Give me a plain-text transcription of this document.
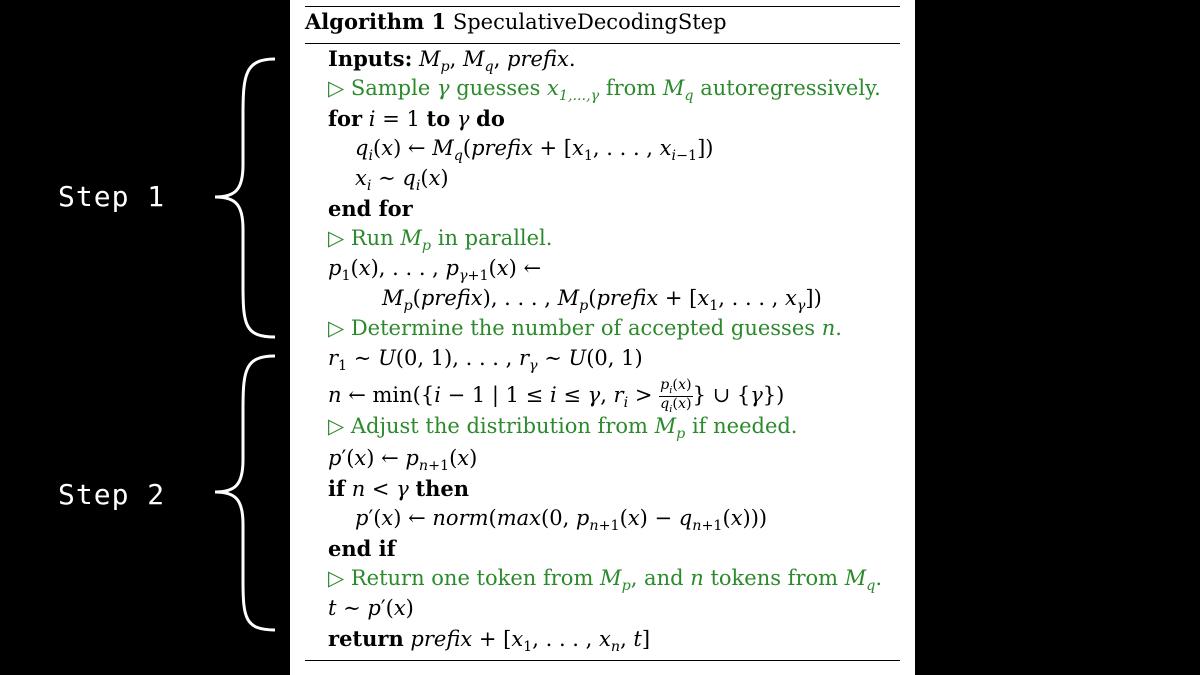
Step 1
Step 2
Algorithm 1 SpeculativeDecodingStep
Inputs: $M_p$, $M_q$, prefix.
▷ Sample γ guesses $x_{1,...,\gamma}$ from $M_q$ autoregressively.
for i = 1 to γ do
$q_i(x)$ ← $M_q(prefix + [x_1$, . . . , $x_{i-1}$])
$x_i$ ∼ $q_i(x)$
end for
▷ Run $M_p$ in parallel.
$p_1(x)$, . . . , $p_{\gamma+1}(x)$ ←
$M_p(prefix)$, . . . , $M_p(prefix + [x_1$, . . . , $x_\gamma$])
▷ Determine the number of accepted guesses n.
$r_1$ ∼ U(0, 1), . . . , $r_\gamma$ ∼ U(0, 1)
n ← min({i − 1 | 1 ≤ i ≤ γ, $r_i > \frac{p_i(x)}{q_i(x)}$ } ∪ {γ})
▷ Adjust the distribution from $M_p$ if needed.
p′(x) ← $p_{n+1}(x)$
if n < γ then
p′(x) ← norm(max(0, $p_{n+1}(x) - q_{n+1}(x)$))
end if
▷ Return one token from $M_p$, and n tokens from $M_q$.
t ∼ p′(x)
return prefix + [$x_1$, . . . , $x_n$, t]
